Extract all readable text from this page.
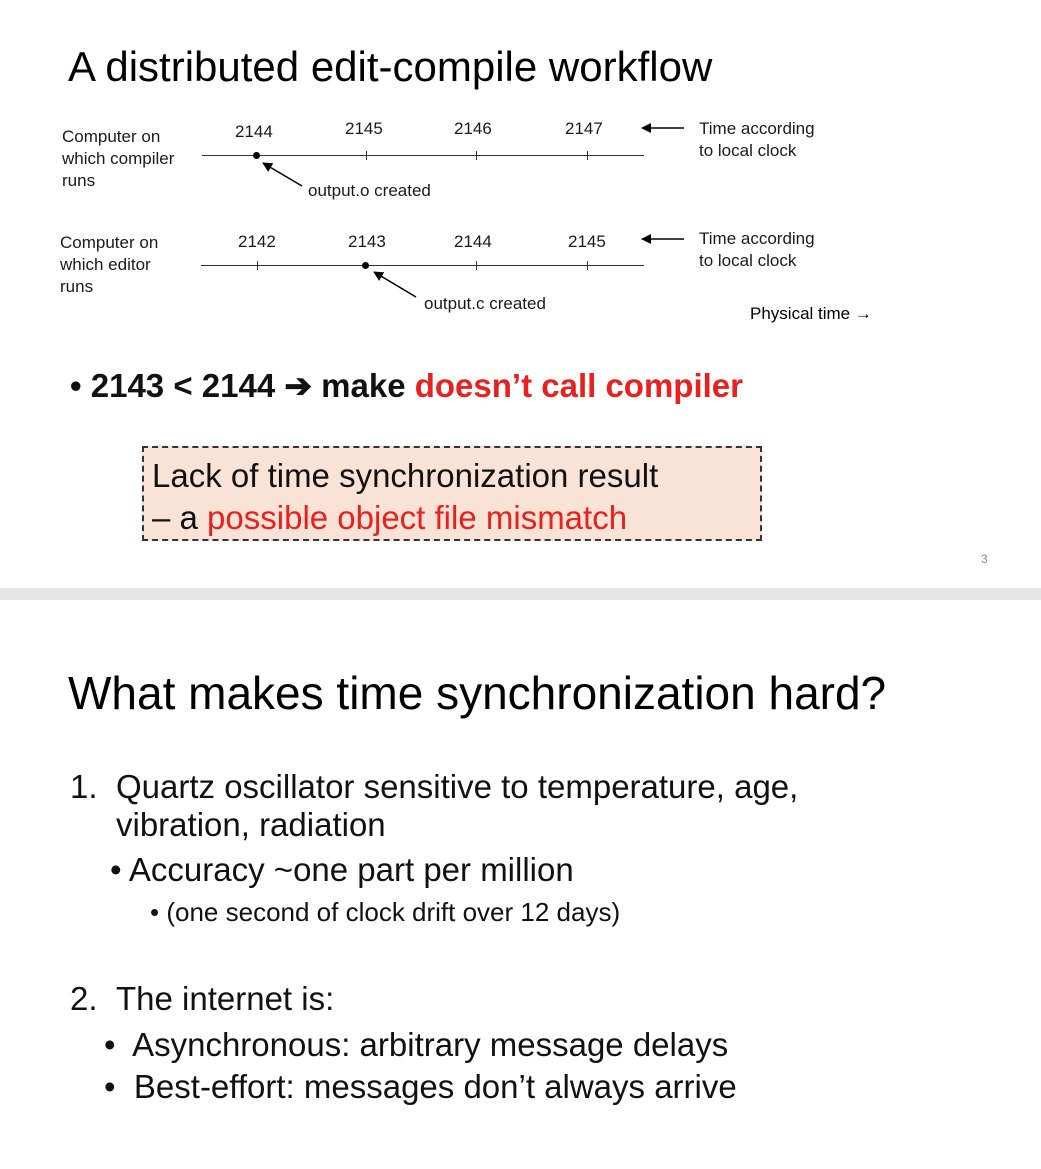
A distributed edit-compile workflow
Computer on
which compiler
runs
2144	2145	2146	2147
Computer on
which editor
runs
2142	2143	2144	2145
output.o created
output.c created
Time according
to local clock
Time according
to local clock
Physical time →
• 2143 < 2144 ➔ make doesn’t call compiler
Lack of time synchronization result
– a possible object file mismatch
3
What makes time synchronization hard?
1. Quartz oscillator sensitive to temperature, age,
vibration, radiation
• Accuracy ~one part per million
• (one second of clock drift over 12 days)
2. The internet is:
• Asynchronous: arbitrary message delays
• Best-effort: messages don’t always arrive
